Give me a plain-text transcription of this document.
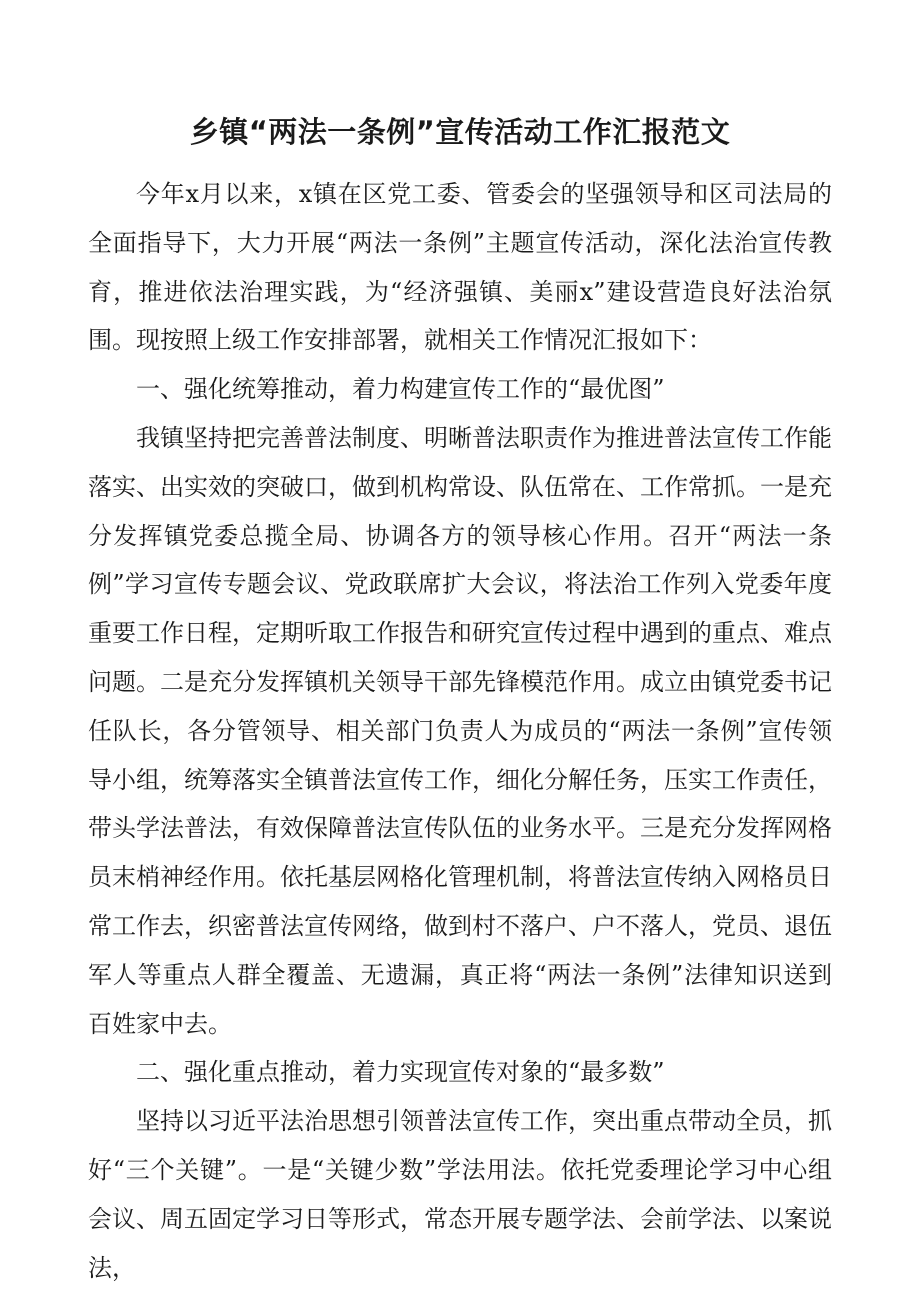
乡镇“两法一条例”宣传活动工作汇报范文

今年x月以来，x镇在区党工委、管委会的坚强领导和区司法局的全面指导下，大力开展“两法一条例”主题宣传活动，深化法治宣传教育，推进依法治理实践，为“经济强镇、美丽x”建设营造良好法治氛围。现按照上级工作安排部署，就相关工作情况汇报如下：

一、强化统筹推动，着力构建宣传工作的“最优图”

我镇坚持把完善普法制度、明晰普法职责作为推进普法宣传工作能落实、出实效的突破口，做到机构常设、队伍常在、工作常抓。一是充分发挥镇党委总揽全局、协调各方的领导核心作用。召开“两法一条例”学习宣传专题会议、党政联席扩大会议，将法治工作列入党委年度重要工作日程，定期听取工作报告和研究宣传过程中遇到的重点、难点问题。二是充分发挥镇机关领导干部先锋模范作用。成立由镇党委书记任队长，各分管领导、相关部门负责人为成员的“两法一条例”宣传领导小组，统筹落实全镇普法宣传工作，细化分解任务，压实工作责任，带头学法普法，有效保障普法宣传队伍的业务水平。三是充分发挥网格员末梢神经作用。依托基层网格化管理机制，将普法宣传纳入网格员日常工作去，织密普法宣传网络，做到村不落户、户不落人，党员、退伍军人等重点人群全覆盖、无遗漏，真正将“两法一条例”法律知识送到百姓家中去。

二、强化重点推动，着力实现宣传对象的“最多数”

坚持以习近平法治思想引领普法宣传工作，突出重点带动全员，抓好“三个关键”。一是“关键少数”学法用法。依托党委理论学习中心组会议、周五固定学习日等形式，常态开展专题学法、会前学法、以案说法，
